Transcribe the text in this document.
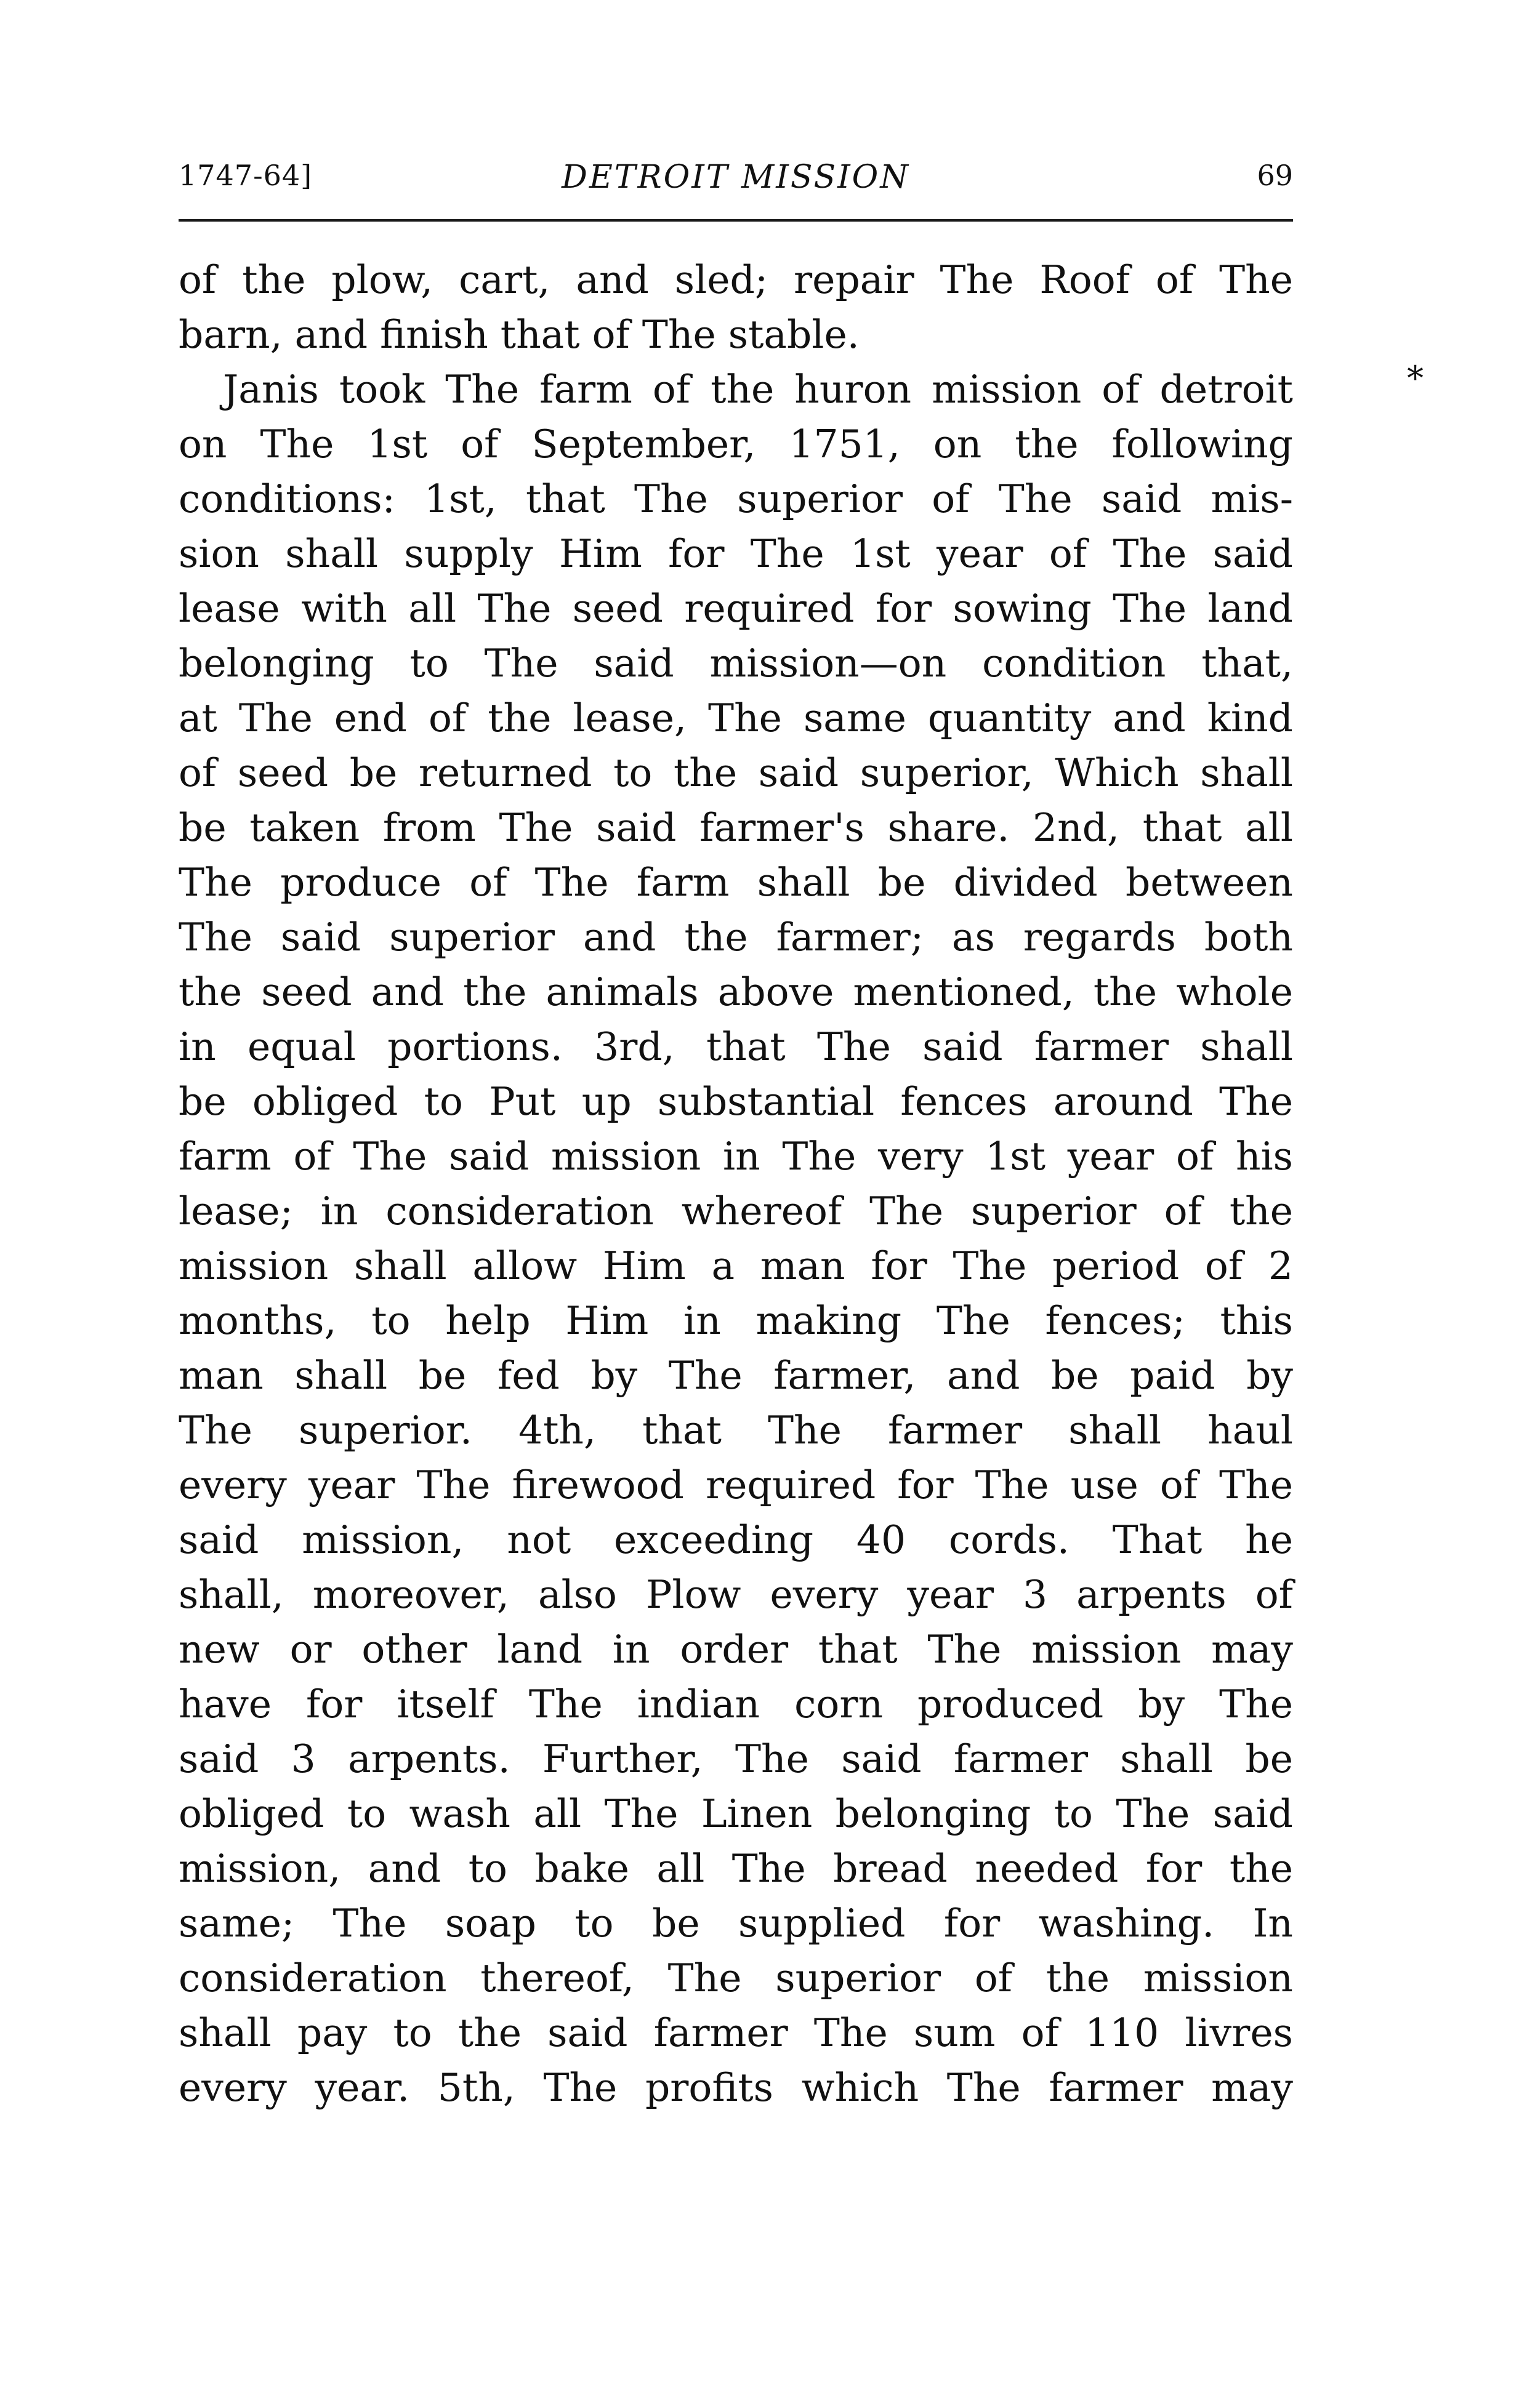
1747-64]	DETROIT MISSION	69
*
of the plow, cart, and sled; repair The Roof of The
barn, and finish that of The stable.
Janis took The farm of the huron mission of detroit
on The 1st of September, 1751, on the following
conditions: 1st, that The superior of The said mis-
sion shall supply Him for The 1st year of The said
lease with all The seed required for sowing The land
belonging to The said mission—on condition that,
at The end of the lease, The same quantity and kind
of seed be returned to the said superior, Which shall
be taken from The said farmer's share. 2nd, that all
The produce of The farm shall be divided between
The said superior and the farmer; as regards both
the seed and the animals above mentioned, the whole
in equal portions. 3rd, that The said farmer shall
be obliged to Put up substantial fences around The
farm of The said mission in The very 1st year of his
lease; in consideration whereof The superior of the
mission shall allow Him a man for The period of 2
months, to help Him in making The fences; this
man shall be fed by The farmer, and be paid by
The superior. 4th, that The farmer shall haul
every year The firewood required for The use of The
said mission, not exceeding 40 cords. That he
shall, moreover, also Plow every year 3 arpents of
new or other land in order that The mission may
have for itself The indian corn produced by The
said 3 arpents. Further, The said farmer shall be
obliged to wash all The Linen belonging to The said
mission, and to bake all The bread needed for the
same; The soap to be supplied for washing. In
consideration thereof, The superior of the mission
shall pay to the said farmer The sum of 110 livres
every year. 5th, The profits which The farmer may
